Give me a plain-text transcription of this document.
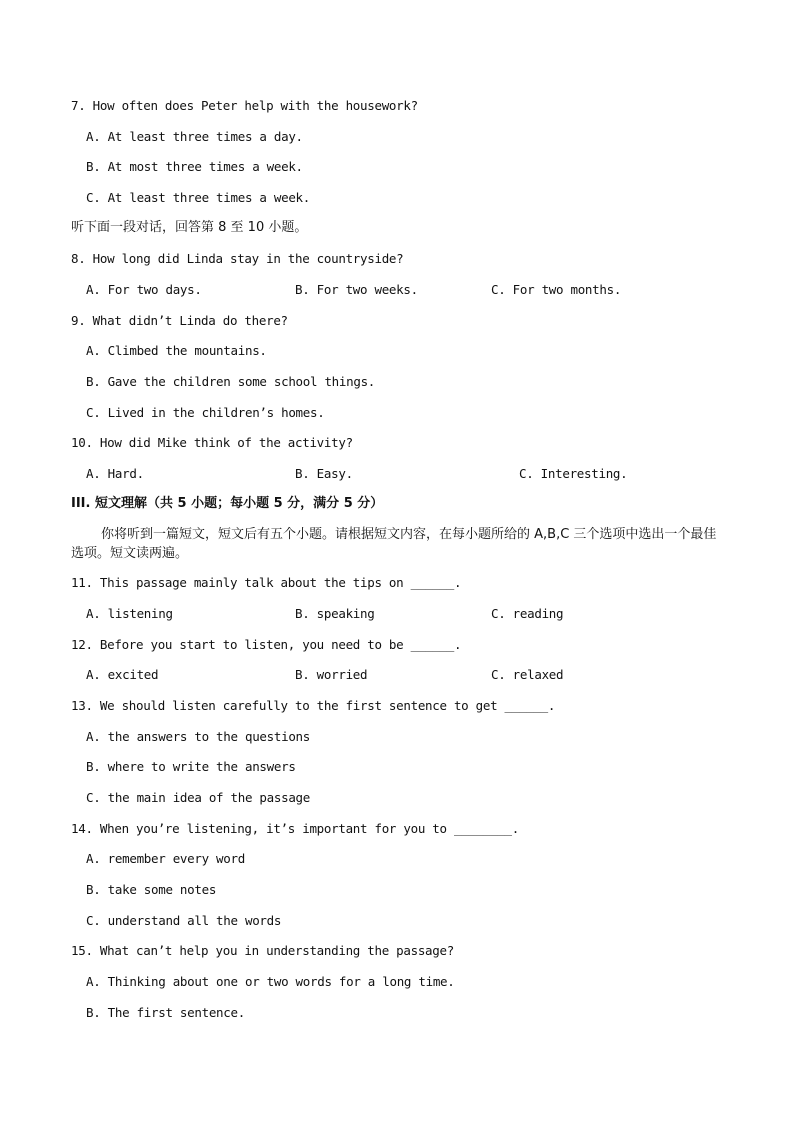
7. How often does Peter help with the housework?
A. At least three times a day.
B. At most three times a week.
C. At least three times a week.
听下面一段对话，回答第 8 至 10 小题。
8. How long did Linda stay in the countryside?
A. For two days.	B. For two weeks.	C. For two months.
9. What didn’t Linda do there?
A. Climbed the mountains.
B. Gave the children some school things.
C. Lived in the children’s homes.
10. How did Mike think of the activity?
A. Hard.	B. Easy.	C. Interesting.
III. 短文理解（共 5 小题；每小题 5 分，满分 5 分）
你将听到一篇短文，短文后有五个小题。请根据短文内容，在每小题所给的 A,B,C 三个选项中选出一个最佳选项。短文读两遍。
11. This passage mainly talk about the tips on ______.
A. listening	B. speaking	C. reading
12. Before you start to listen, you need to be ______.
A. excited	B. worried	C. relaxed
13. We should listen carefully to the first sentence to get ______.
A. the answers to the questions
B. where to write the answers
C. the main idea of the passage
14. When you’re listening, it’s important for you to ________.
A. remember every word
B. take some notes
C. understand all the words
15. What can’t help you in understanding the passage?
A. Thinking about one or two words for a long time.
B. The first sentence.
